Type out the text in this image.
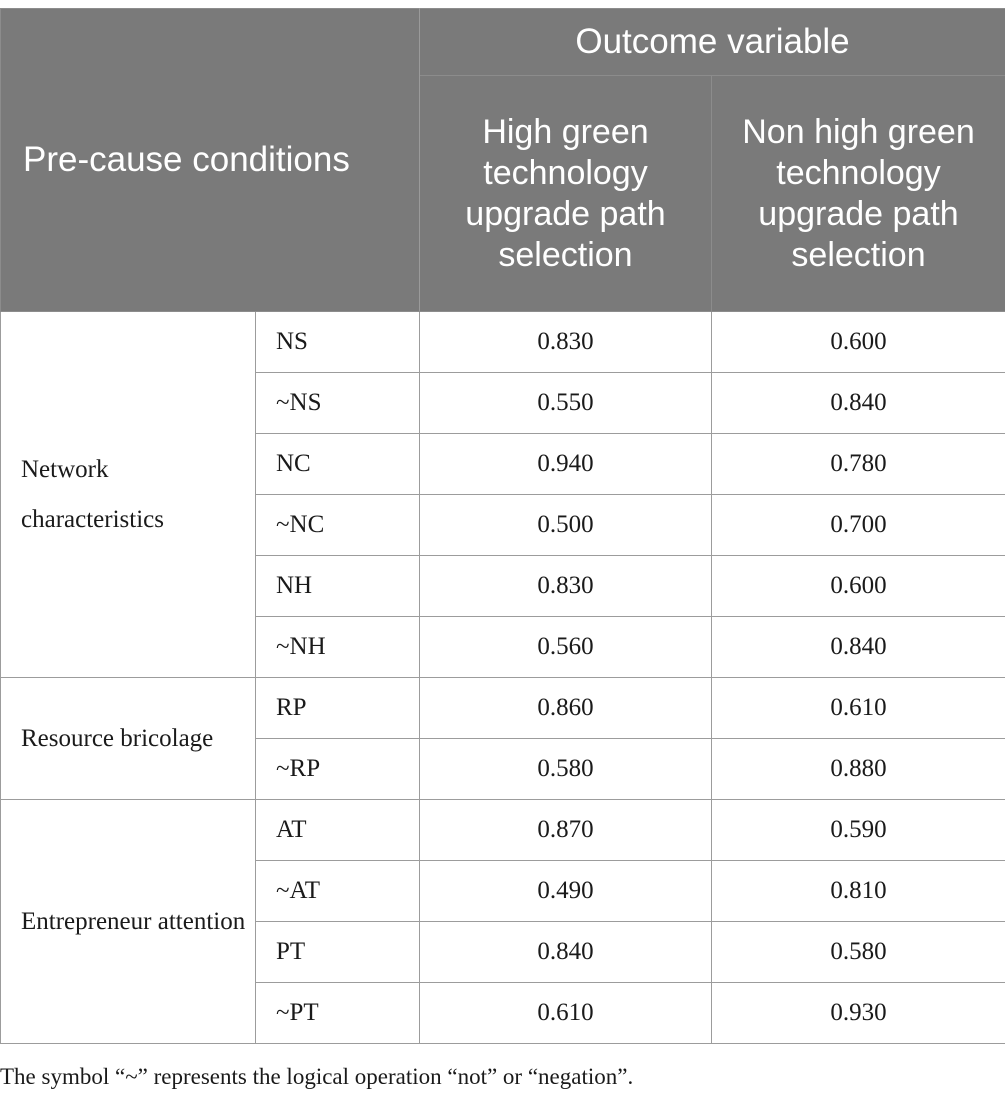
Pre-cause conditions		Outcome variable	
		High green technology upgrade path selection	Non high green technology upgrade path selection
Network characteristics	NS	0.830	0.600
	~NS	0.550	0.840
	NC	0.940	0.780
	~NC	0.500	0.700
	NH	0.830	0.600
	~NH	0.560	0.840
Resource bricolage	RP	0.860	0.610
	~RP	0.580	0.880
Entrepreneur attention	AT	0.870	0.590
	~AT	0.490	0.810
	PT	0.840	0.580
	~PT	0.610	0.930
The symbol “~” represents the logical operation “not” or “negation”.
